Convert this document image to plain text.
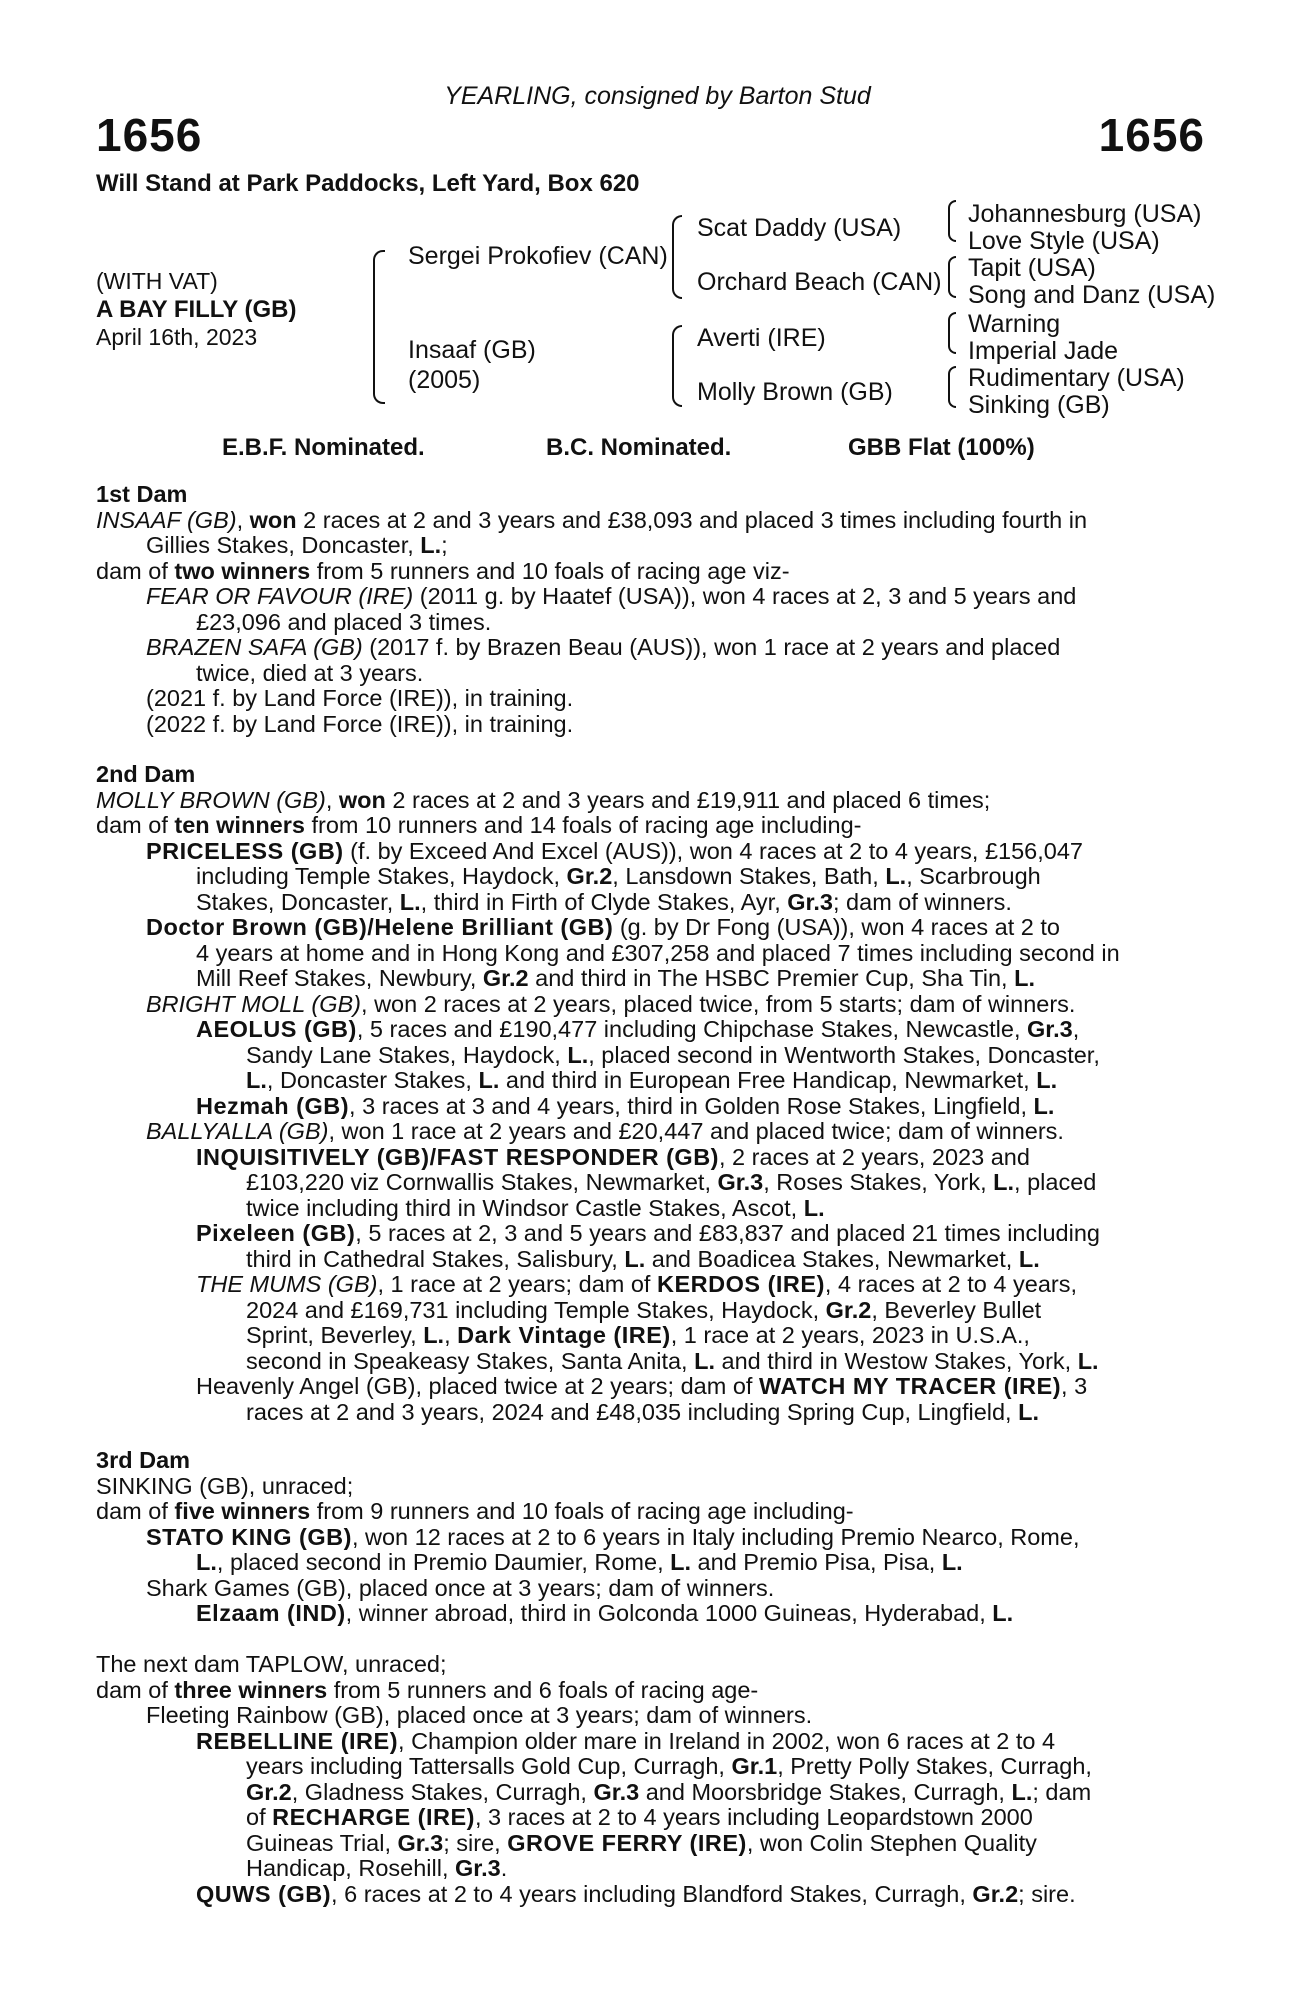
YEARLING, consigned by Barton Stud
1656	1656
Will Stand at Park Paddocks, Left Yard, Box 620
(WITH VAT)
A BAY FILLY (GB)
April 16th, 2023
Sergei Prokofiev (CAN)
Insaaf (GB)
(2005)
Scat Daddy (USA)
Orchard Beach (CAN)
Averti (IRE)
Molly Brown (GB)
Johannesburg (USA)
Love Style (USA)
Tapit (USA)
Song and Danz (USA)
Warning
Imperial Jade
Rudimentary (USA)
Sinking (GB)
E.B.F. Nominated.	B.C. Nominated.	GBB Flat (100%)
1st Dam

INSAAF (GB), won 2 races at 2 and 3 years and £38,093 and placed 3 times including fourth in
Gillies Stakes, Doncaster, L.;

dam of two winners from 5 runners and 10 foals of racing age viz-

FEAR OR FAVOUR (IRE) (2011 g. by Haatef (USA)), won 4 races at 2, 3 and 5 years and
£23,096 and placed 3 times.

BRAZEN SAFA (GB) (2017 f. by Brazen Beau (AUS)), won 1 race at 2 years and placed
twice, died at 3 years.

(2021 f. by Land Force (IRE)), in training.

(2022 f. by Land Force (IRE)), in training.

2nd Dam

MOLLY BROWN (GB), won 2 races at 2 and 3 years and £19,911 and placed 6 times;

dam of ten winners from 10 runners and 14 foals of racing age including-

PRICELESS (GB) (f. by Exceed And Excel (AUS)), won 4 races at 2 to 4 years, £156,047
including Temple Stakes, Haydock, Gr.2, Lansdown Stakes, Bath, L., Scarbrough
Stakes, Doncaster, L., third in Firth of Clyde Stakes, Ayr, Gr.3; dam of winners.

Doctor Brown (GB)/Helene Brilliant (GB) (g. by Dr Fong (USA)), won 4 races at 2 to
4 years at home and in Hong Kong and £307,258 and placed 7 times including second in
Mill Reef Stakes, Newbury, Gr.2 and third in The HSBC Premier Cup, Sha Tin, L.

BRIGHT MOLL (GB), won 2 races at 2 years, placed twice, from 5 starts; dam of winners.

AEOLUS (GB), 5 races and £190,477 including Chipchase Stakes, Newcastle, Gr.3,
Sandy Lane Stakes, Haydock, L., placed second in Wentworth Stakes, Doncaster,
L., Doncaster Stakes, L. and third in European Free Handicap, Newmarket, L.

Hezmah (GB), 3 races at 3 and 4 years, third in Golden Rose Stakes, Lingfield, L.

BALLYALLA (GB), won 1 race at 2 years and £20,447 and placed twice; dam of winners.

INQUISITIVELY (GB)/FAST RESPONDER (GB), 2 races at 2 years, 2023 and
£103,220 viz Cornwallis Stakes, Newmarket, Gr.3, Roses Stakes, York, L., placed
twice including third in Windsor Castle Stakes, Ascot, L.

Pixeleen (GB), 5 races at 2, 3 and 5 years and £83,837 and placed 21 times including
third in Cathedral Stakes, Salisbury, L. and Boadicea Stakes, Newmarket, L.

THE MUMS (GB), 1 race at 2 years; dam of KERDOS (IRE), 4 races at 2 to 4 years,
2024 and £169,731 including Temple Stakes, Haydock, Gr.2, Beverley Bullet
Sprint, Beverley, L., Dark Vintage (IRE), 1 race at 2 years, 2023 in U.S.A.,
second in Speakeasy Stakes, Santa Anita, L. and third in Westow Stakes, York, L.

Heavenly Angel (GB), placed twice at 2 years; dam of WATCH MY TRACER (IRE), 3
races at 2 and 3 years, 2024 and £48,035 including Spring Cup, Lingfield, L.

3rd Dam

SINKING (GB), unraced;

dam of five winners from 9 runners and 10 foals of racing age including-

STATO KING (GB), won 12 races at 2 to 6 years in Italy including Premio Nearco, Rome,
L., placed second in Premio Daumier, Rome, L. and Premio Pisa, Pisa, L.

Shark Games (GB), placed once at 3 years; dam of winners.

Elzaam (IND), winner abroad, third in Golconda 1000 Guineas, Hyderabad, L.

The next dam TAPLOW, unraced;

dam of three winners from 5 runners and 6 foals of racing age-

Fleeting Rainbow (GB), placed once at 3 years; dam of winners.

REBELLINE (IRE), Champion older mare in Ireland in 2002, won 6 races at 2 to 4
years including Tattersalls Gold Cup, Curragh, Gr.1, Pretty Polly Stakes, Curragh,
Gr.2, Gladness Stakes, Curragh, Gr.3 and Moorsbridge Stakes, Curragh, L.; dam
of RECHARGE (IRE), 3 races at 2 to 4 years including Leopardstown 2000
Guineas Trial, Gr.3; sire, GROVE FERRY (IRE), won Colin Stephen Quality
Handicap, Rosehill, Gr.3.

QUWS (GB), 6 races at 2 to 4 years including Blandford Stakes, Curragh, Gr.2; sire.
